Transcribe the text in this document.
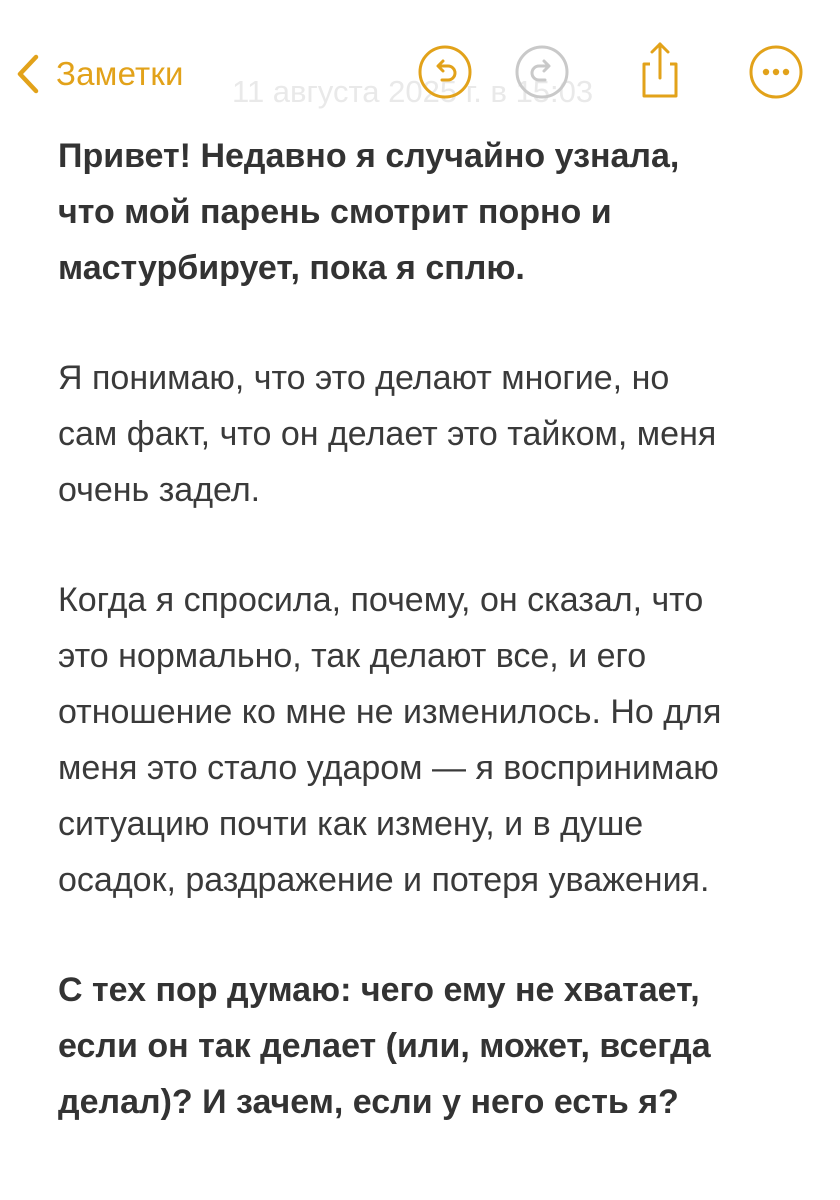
11 августа 2025 г. в 15:03
Заметки

Привет! Недавно я случайно узнала,
что мой парень смотрит порно и
мастурбирует, пока я сплю.

Я понимаю, что это делают многие, но
сам факт, что он делает это тайком, меня
очень задел.

Когда я спросила, почему, он сказал, что
это нормально, так делают все, и его
отношение ко мне не изменилось. Но для
меня это стало ударом — я воспринимаю
ситуацию почти как измену, и в душе
осадок, раздражение и потеря уважения.

С тех пор думаю: чего ему не хватает,
если он так делает (или, может, всегда
делал)? И зачем, если у него есть я?
